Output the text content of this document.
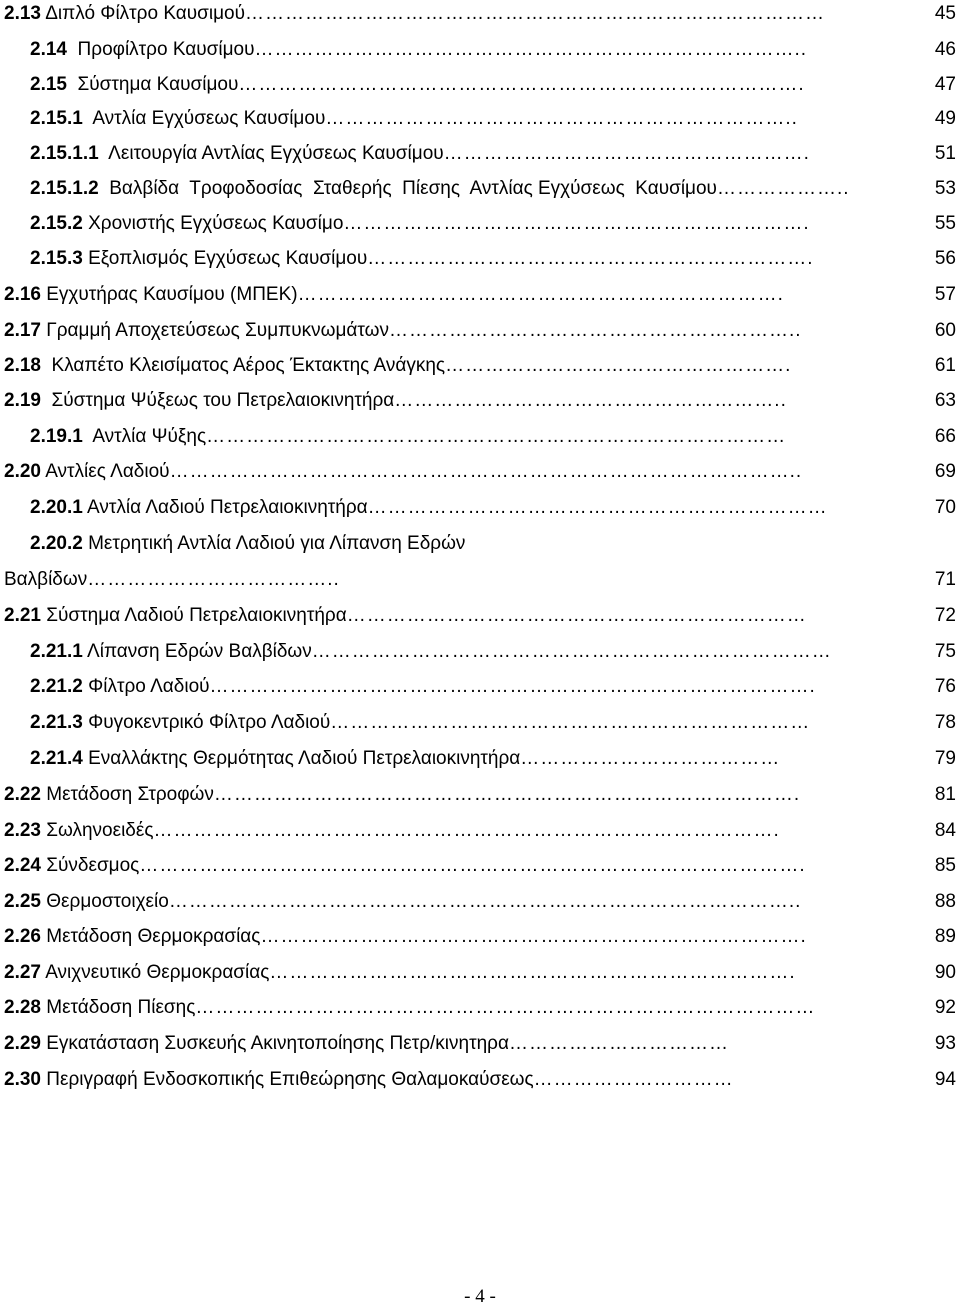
2.13 Διπλό Φίλτρο Καυσιμού……………………………………………………………………………	45
2.14  Προφίλτρο Καυσίμου………………………………………………………………………..	46
2.15  Σύστημα Καυσίμου………………………………………………………………………….	47
2.15.1  Αντλία Εγχύσεως Καυσίμου……………………………………………………………..	49
2.15.1.1  Λειτουργία Αντλίας Εγχύσεως Καυσίμου……………………………………………….	51
2.15.1.2  Βαλβίδα  Τροφοδοσίας  Σταθερής  Πίεσης  Αντλίας Εγχύσεως  Καυσίμου………………..	53
2.15.2 Χρονιστής Εγχύσεως Καυσίμο…………………………………………………………….	55
2.15.3 Εξοπλισμός Εγχύσεως Καυσίμου………………………………………………………….	56
2.16 Εγχυτήρας Καυσίμου (ΜΠΕΚ)……………………………………………………………….	57
2.17 Γραμμή Αποχετεύσεως Συμπυκνωμάτων……………………………………………………..	60
2.18  Κλαπέτο Κλεισίματος Αέρος Έκτακτης Ανάγκης…………………………………………….	61
2.19  Σύστημα Ψύξεως του Πετρελαιοκινητήρα…………………………………………………..	63
2.19.1  Αντλία Ψύξης……………………………………………………………………………	66
2.20 Αντλίες Λαδιού…………………………………………………………………………………..	69
2.20.1 Αντλία Λαδιού Πετρελαιοκινητήρα……………………………………………………………	70
2.20.2 Μετρητική Αντλία Λαδιού για Λίπανση Εδρών
Βαλβίδων………………………………..	71
2.21 Σύστημα Λαδιού Πετρελαιοκινητήρα……………………………………………………………	72
2.21.1 Λίπανση Εδρών Βαλβίδων……………………………………………………………………	75
2.21.2 Φίλτρο Λαδιού……………………………………………………………………………….	76
2.21.3 Φυγοκεντρικό Φίλτρο Λαδιού………………………………………………………………	78
2.21.4 Εναλλάκτης Θερμότητας Λαδιού Πετρελαιοκινητήρα…………………………………	79
2.22 Μετάδοση Στροφών…………………………………………………………………………….	81
2.23 Σωληνοειδές………………………………………………………………………………….	84
2.24 Σύνδεσμος……………………………………………………………………………………….	85
2.25 Θερμοστοιχείο…………………………………………………………………………………..	88
2.26 Μετάδοση Θερμοκρασίας……………………………………………………………………….	89
2.27 Ανιχνευτικό Θερμοκρασίας…………………………………………………………………….	90
2.28 Μετάδοση Πίεσης…………………………………………………………………………………	92
2.29 Εγκατάσταση Συσκευής Ακινητοποίησης Πετρ/κινητηρα……………………………	93
2.30 Περιγραφή Ενδοσκοπικής Επιθεώρησης Θαλαμοκαύσεως…………………………	94
- 4 -
